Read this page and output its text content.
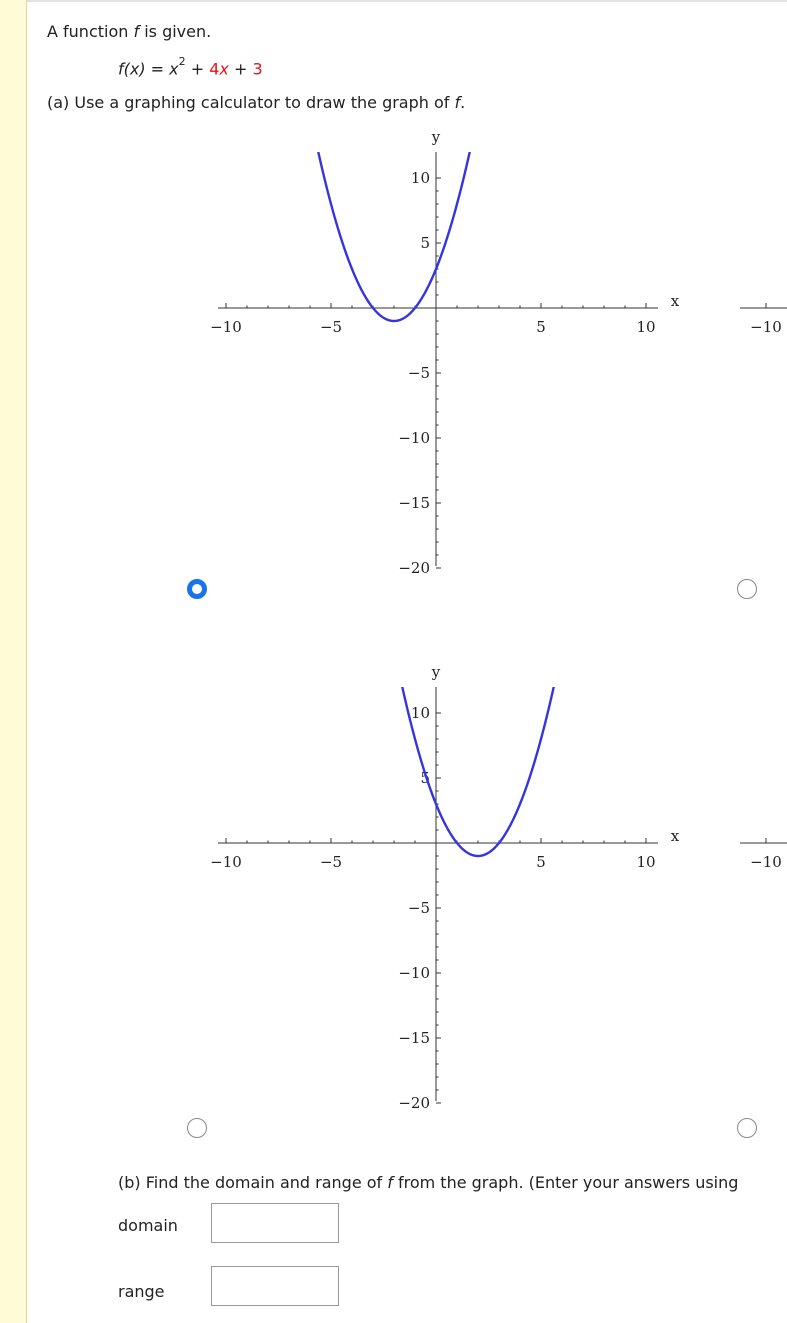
A function f is given.
$f(x) = x^2 + 4x + 3$
(a) Use a graphing calculator to draw the graph of f.
−10	−5	5	10
10
5
−5
−10
−15
−20
x
y
−10	−5	5	10
10
5
−5
−10
−15
−20
x
y
−10
−10
(b) Find the domain and range of f from the graph. (Enter your answers using
domain
range
